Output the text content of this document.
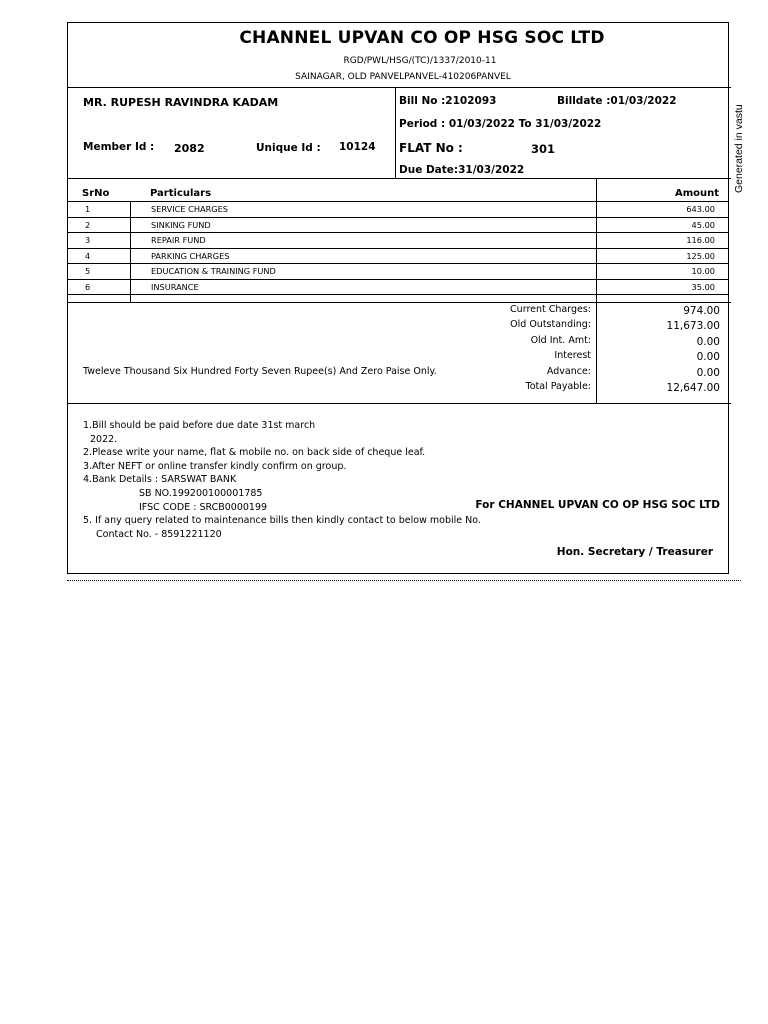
CHANNEL UPVAN CO OP HSG SOC LTD
RGD/PWL/HSG/(TC)/1337/2010-11
SAINAGAR, OLD PANVELPANVEL-410206PANVEL
MR. RUPESH RAVINDRA KADAM
Member Id : 2082	Unique Id : 10124
Bill No :2102093	Billdate :01/03/2022
Period : 01/03/2022 To 31/03/2022
FLAT No :	301
Due Date:31/03/2022	Generated in vastu
SrNo	Particulars	Amount
1	SERVICE CHARGES	643.00
2	SINKING FUND	45.00
3	REPAIR FUND	116.00
4	PARKING CHARGES	125.00
5	EDUCATION & TRAINING FUND	10.00
6	INSURANCE	35.00
Tweleve Thousand Six Hundred Forty Seven Rupee(s) And Zero Paise Only.
Current Charges:	974.00
Old Outstanding:	11,673.00
Old Int. Amt:	0.00
Interest	0.00
Advance:	0.00
Total Payable:	12,647.00
1.Bill should be paid before due date 31st march
2022.
2.Please write your name, flat & mobile no. on back side of cheque leaf.
3.After NEFT or online transfer kindly confirm on group.
4.Bank Details : SARSWAT BANK
SB NO.199200100001785
IFSC CODE : SRCB0000199
5. If any query related to maintenance bills then kindly contact to below mobile No.
Contact No. - 8591221120
For CHANNEL UPVAN CO OP HSG SOC LTD
Hon. Secretary / Treasurer
